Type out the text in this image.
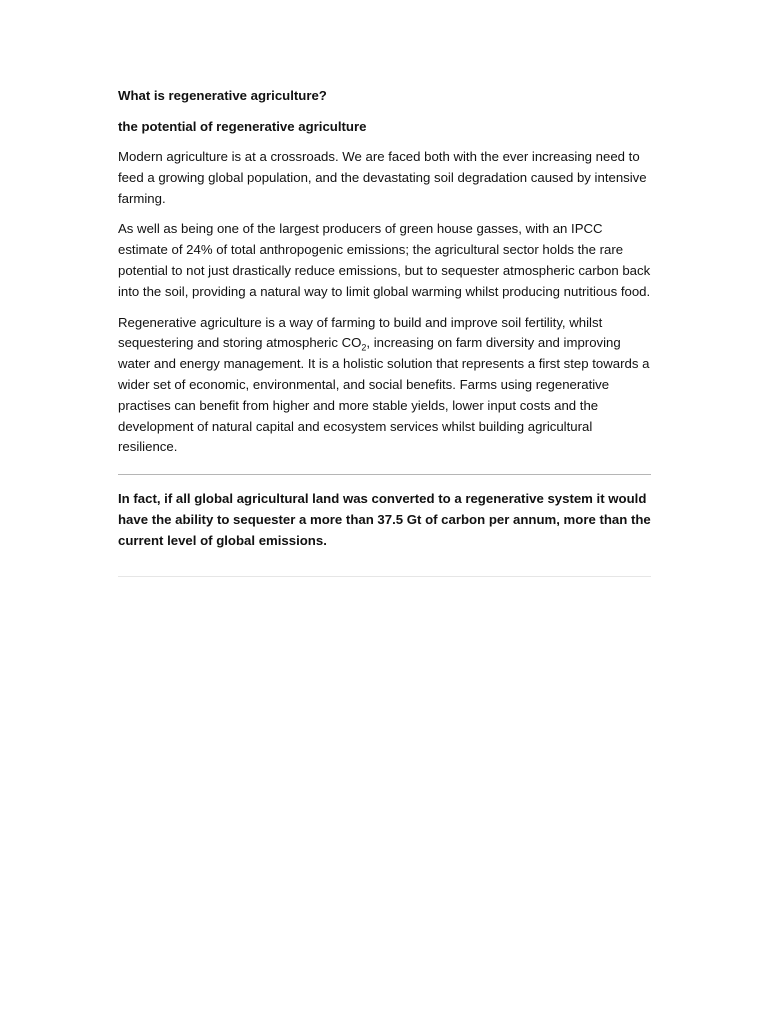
What is regenerative agriculture?
the potential of regenerative agriculture

Modern agriculture is at a crossroads. We are faced both with the ever increasing need to feed a growing global population, and the devastating soil degradation caused by intensive farming.

As well as being one of the largest producers of green house gasses, with an IPCC estimate of 24% of total anthropogenic emissions; the agricultural sector holds the rare potential to not just drastically reduce emissions, but to sequester atmospheric carbon back into the soil, providing a natural way to limit global warming whilst producing nutritious food.

Regenerative agriculture is a way of farming to build and improve soil fertility, whilst sequestering and storing atmospheric $CO_2$, increasing on farm diversity and improving water and energy management. It is a holistic solution that represents a first step towards a wider set of economic, environmental, and social benefits. Farms using regenerative practises can benefit from higher and more stable yields, lower input costs and the development of natural capital and ecosystem services whilst building agricultural resilience.

In fact, if all global agricultural land was converted to a regenerative system it would have the ability to sequester a more than 37.5 Gt of carbon per annum, more than the current level of global emissions.
